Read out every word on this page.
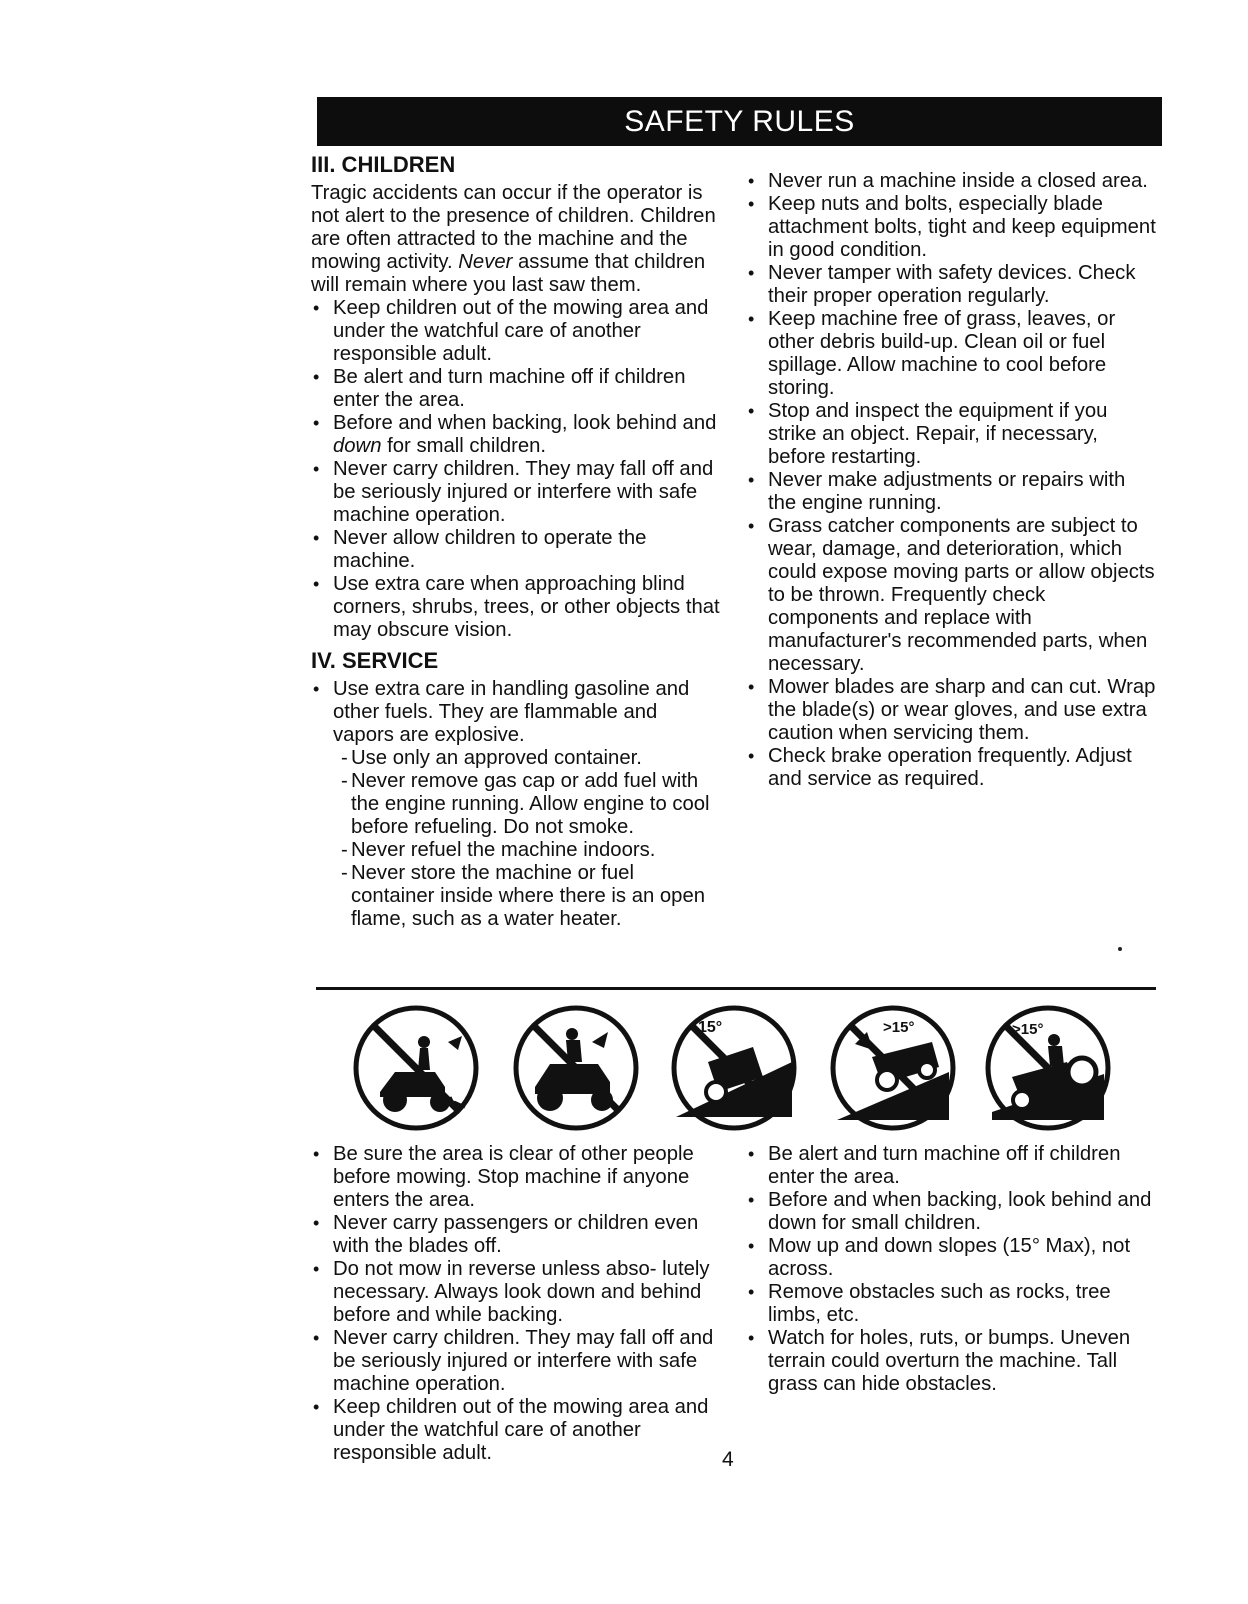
SAFETY RULES
III. CHILDREN

Tragic accidents can occur if the operator is not alert to the presence of children. Children are often attracted to the machine and the mowing activity. Never assume that children will remain where you last saw them.

• Keep children out of the mowing area and under the watchful care of another responsible adult.
• Be alert and turn machine off if children enter the area.
• Before and when backing, look behind and down for small children.
• Never carry children. They may fall off and be seriously injured or interfere with safe machine operation.
• Never allow children to operate the machine.
• Use extra care when approaching blind corners, shrubs, trees, or other objects that may obscure vision.
IV. SERVICE
• Use extra care in handling gasoline and other fuels. They are flammable and vapors are explosive.
- Use only an approved container.
- Never remove gas cap or add fuel with the engine running. Allow engine to cool before refueling. Do not smoke.
- Never refuel the machine indoors.
- Never store the machine or fuel container inside where there is an open flame, such as a water heater.
• Never run a machine inside a closed area.
• Keep nuts and bolts, especially blade attachment bolts, tight and keep equipment in good condition.
• Never tamper with safety devices. Check their proper operation regularly.
• Keep machine free of grass, leaves, or other debris build-up. Clean oil or fuel spillage. Allow machine to cool before storing.
• Stop and inspect the equipment if you strike an object. Repair, if necessary, before restarting.
• Never make adjustments or repairs with the engine running.
• Grass catcher components are subject to wear, damage, and deterioration, which could expose moving parts or allow objects to be thrown. Frequently check components and replace with manufacturer's recommended parts, when necessary.
• Mower blades are sharp and can cut. Wrap the blade(s) or wear gloves, and use extra caution when servicing them.
• Check brake operation frequently. Adjust and service as required.
15°	>15°	>15°
• Be sure the area is clear of other people before mowing. Stop machine if anyone enters the area.
• Never carry passengers or children even with the blades off.
• Do not mow in reverse unless abso- lutely necessary. Always look down and behind before and while backing.
• Never carry children. They may fall off and be seriously injured or interfere with safe machine operation.
• Keep children out of the mowing area and under the watchful care of another responsible adult.
• Be alert and turn machine off if children enter the area.
• Before and when backing, look behind and down for small children.
• Mow up and down slopes (15° Max), not across.
• Remove obstacles such as rocks, tree limbs, etc.
• Watch for holes, ruts, or bumps. Uneven terrain could overturn the machine. Tall grass can hide obstacles.
4
